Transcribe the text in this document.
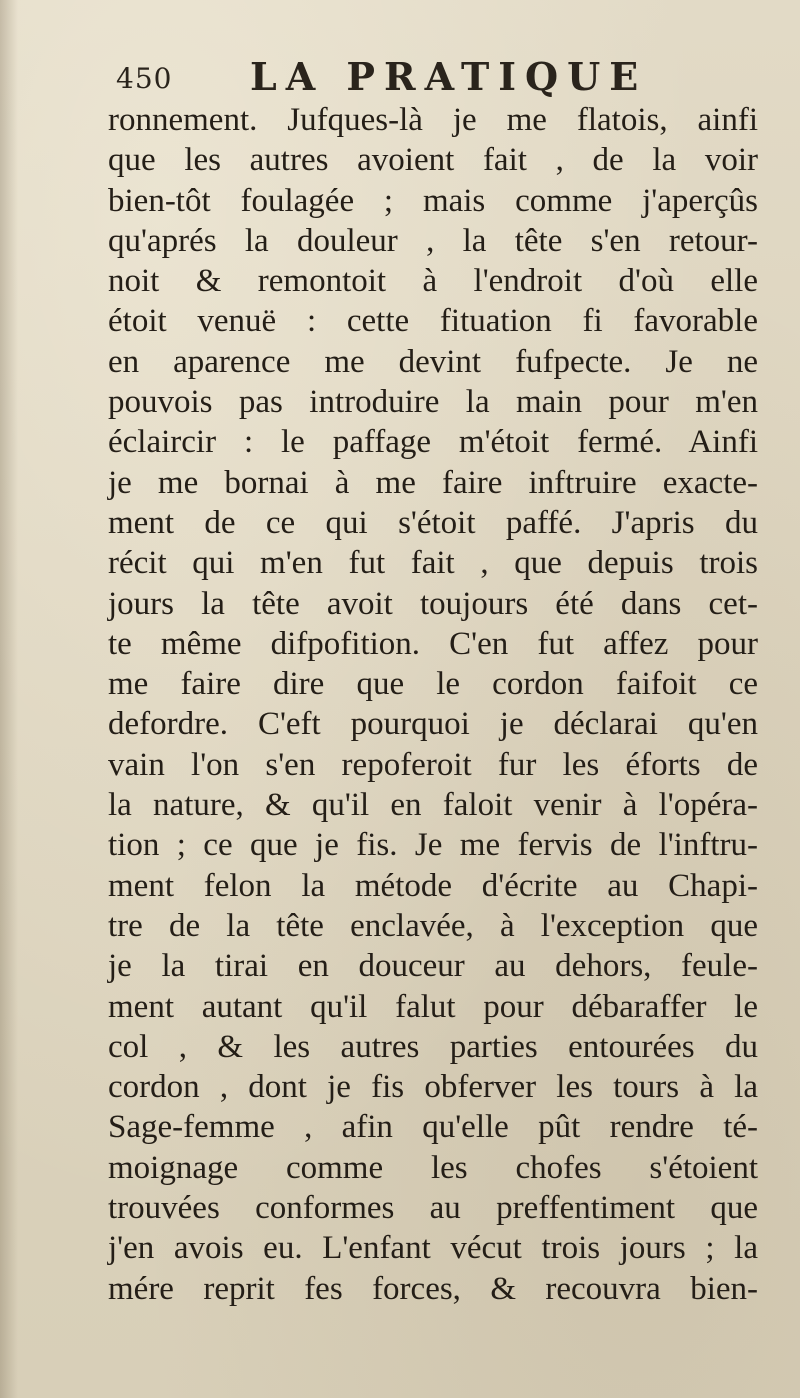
450 LA PRATIQUE
ronnement. Jufques-là je me flatois, ainfi
que les autres avoient fait , de la voir
bien-tôt foulagée ; mais comme j'aperçûs
qu'aprés la douleur , la tête s'en retour-
noit & remontoit à l'endroit d'où elle
étoit venuë : cette fituation fi favorable
en aparence me devint fufpecte. Je ne
pouvois pas introduire la main pour m'en
éclaircir : le paffage m'étoit fermé. Ainfi
je me bornai à me faire inftruire exacte-
ment de ce qui s'étoit paffé. J'apris du
récit qui m'en fut fait , que depuis trois
jours la tête avoit toujours été dans cet-
te même difpofition. C'en fut affez pour
me faire dire que le cordon faifoit ce
defordre. C'eft pourquoi je déclarai qu'en
vain l'on s'en repoferoit fur les éforts de
la nature, & qu'il en faloit venir à l'opéra-
tion ; ce que je fis. Je me fervis de l'inftru-
ment felon la métode d'écrite au Chapi-
tre de la tête enclavée, à l'exception que
je la tirai en douceur au dehors, feule-
ment autant qu'il falut pour débaraffer le
col , & les autres parties entourées du
cordon , dont je fis obferver les tours à la
Sage-femme , afin qu'elle pût rendre té-
moignage comme les chofes s'étoient
trouvées conformes au preffentiment que
j'en avois eu. L'enfant vécut trois jours ; la
mére reprit fes forces, & recouvra bien-
